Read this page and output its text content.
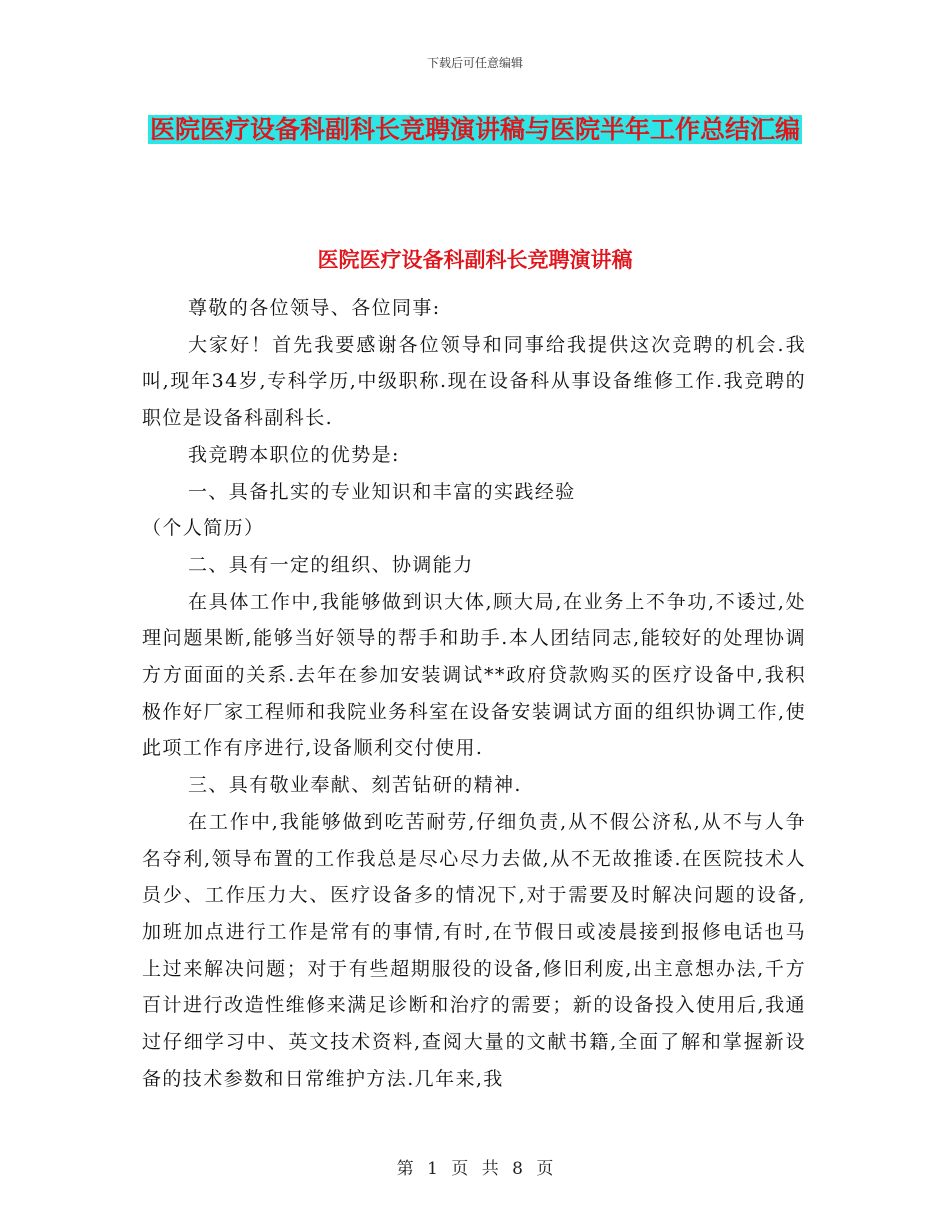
下载后可任意编辑
医院医疗设备科副科长竞聘演讲稿与医院半年工作总结汇编
医院医疗设备科副科长竞聘演讲稿

尊敬的各位领导、各位同事:

大家好！首先我要感谢各位领导和同事给我提供这次竞聘的机会.我叫,现年34岁,专科学历,中级职称.现在设备科从事设备维修工作.我竞聘的职位是设备科副科长.

我竞聘本职位的优势是:

一、具备扎实的专业知识和丰富的实践经验

（个人简历）

二、具有一定的组织、协调能力

在具体工作中,我能够做到识大体,顾大局,在业务上不争功,不诿过,处理问题果断,能够当好领导的帮手和助手.本人团结同志,能较好的处理协调方方面面的关系.去年在参加安装调试**政府贷款购买的医疗设备中,我积极作好厂家工程师和我院业务科室在设备安装调试方面的组织协调工作,使此项工作有序进行,设备顺利交付使用.

三、具有敬业奉献、刻苦钻研的精神.

在工作中,我能够做到吃苦耐劳,仔细负责,从不假公济私,从不与人争名夺利,领导布置的工作我总是尽心尽力去做,从不无故推诿.在医院技术人员少、工作压力大、医疗设备多的情况下,对于需要及时解决问题的设备,加班加点进行工作是常有的事情,有时,在节假日或凌晨接到报修电话也马上过来解决问题；对于有些超期服役的设备,修旧利废,出主意想办法,千方百计进行改造性维修来满足诊断和治疗的需要；新的设备投入使用后,我通过仔细学习中、英文技术资料,查阅大量的文献书籍,全面了解和掌握新设备的技术参数和日常维护方法.几年来,我

第 1 页 共 8 页
